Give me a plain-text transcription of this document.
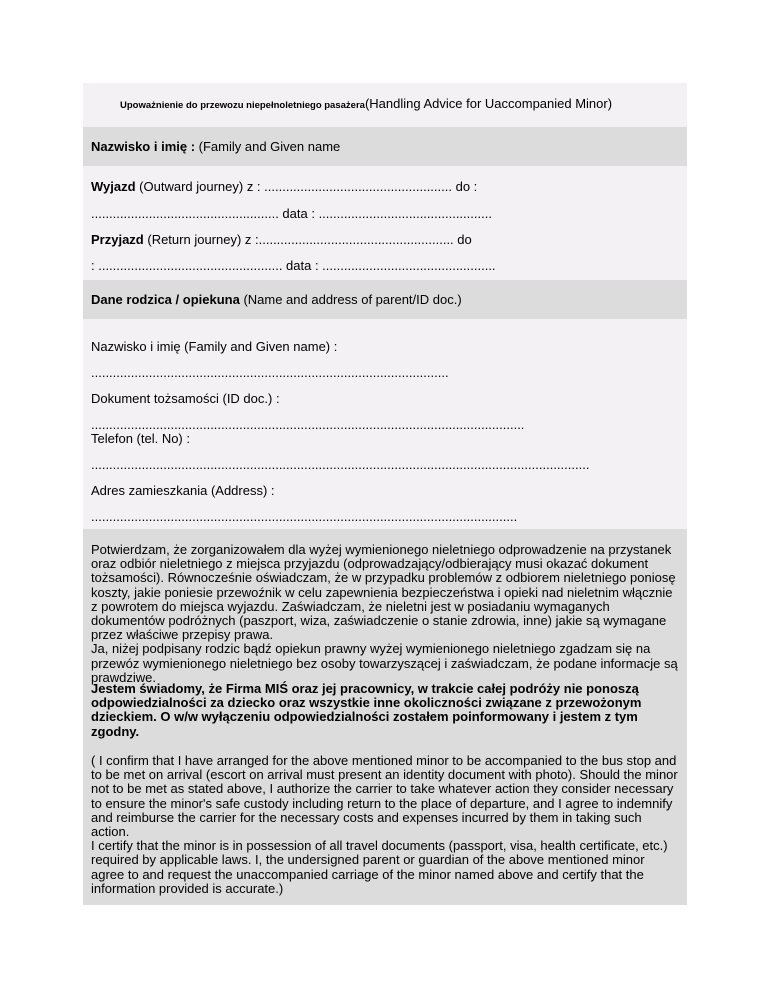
Upoważnienie do przewozu niepełnoletniego pasażera(Handling Advice for Uaccompanied Minor)
Nazwisko i imię : (Family and Given name
Wyjazd (Outward journey) z : .................................................... do :
.................................................... data : ................................................
Przyjazd (Return journey) z :...................................................... do
: ................................................... data : ................................................
Dane rodzica / opiekuna (Name and address of parent/ID doc.)
Nazwisko i imię (Family and Given name) :
...................................................................................................
Dokument tożsamości (ID doc.) :
........................................................................................................................
Telefon (tel. No) :
..........................................................................................................................................
Adres zamieszkania (Address) :
......................................................................................................................
Potwierdzam, że zorganizowałem dla wyżej wymienionego nieletniego odprowadzenie na przystanek oraz odbiór nieletniego z miejsca przyjazdu (odprowadzający/odbierający musi okazać dokument tożsamości). Równocześnie oświadczam, że w przypadku problemów z odbiorem nieletniego poniosę koszty, jakie poniesie przewoźnik w celu zapewnienia bezpieczeństwa i opieki nad nieletnim włącznie z powrotem do miejsca wyjazdu. Zaświadczam, że nieletni jest w posiadaniu wymaganych dokumentów podróżnych (paszport, wiza, zaświadczenie o stanie zdrowia, inne) jakie są wymagane przez właściwe przepisy prawa.
Ja, niżej podpisany rodzic bądź opiekun prawny wyżej wymienionego nieletniego zgadzam się na przewóz wymienionego nieletniego bez osoby towarzyszącej i zaświadczam, że podane informacje są prawdziwe.
Jestem świadomy, że Firma MIŚ oraz jej pracownicy, w trakcie całej podróży nie ponoszą odpowiedzialności za dziecko oraz wszystkie inne okoliczności związane z przewożonym dzieckiem. O w/w wyłączeniu odpowiedzialności zostałem poinformowany i jestem z tym zgodny.
( I confirm that I have arranged for the above mentioned minor to be accompanied to the bus stop and to be met on arrival (escort on arrival must present an identity document with photo). Should the minor not to be met as stated above, I authorize the carrier to take whatever action they consider necessary to ensure the minor's safe custody including return to the place of departure, and I agree to indemnify and reimburse the carrier for the necessary costs and expenses incurred by them in taking such action.
I certify that the minor is in possession of all travel documents (passport, visa, health certificate, etc.) required by applicable laws. I, the undersigned parent or guardian of the above mentioned minor agree to and request the unaccompanied carriage of the minor named above and certify that the information provided is accurate.)
